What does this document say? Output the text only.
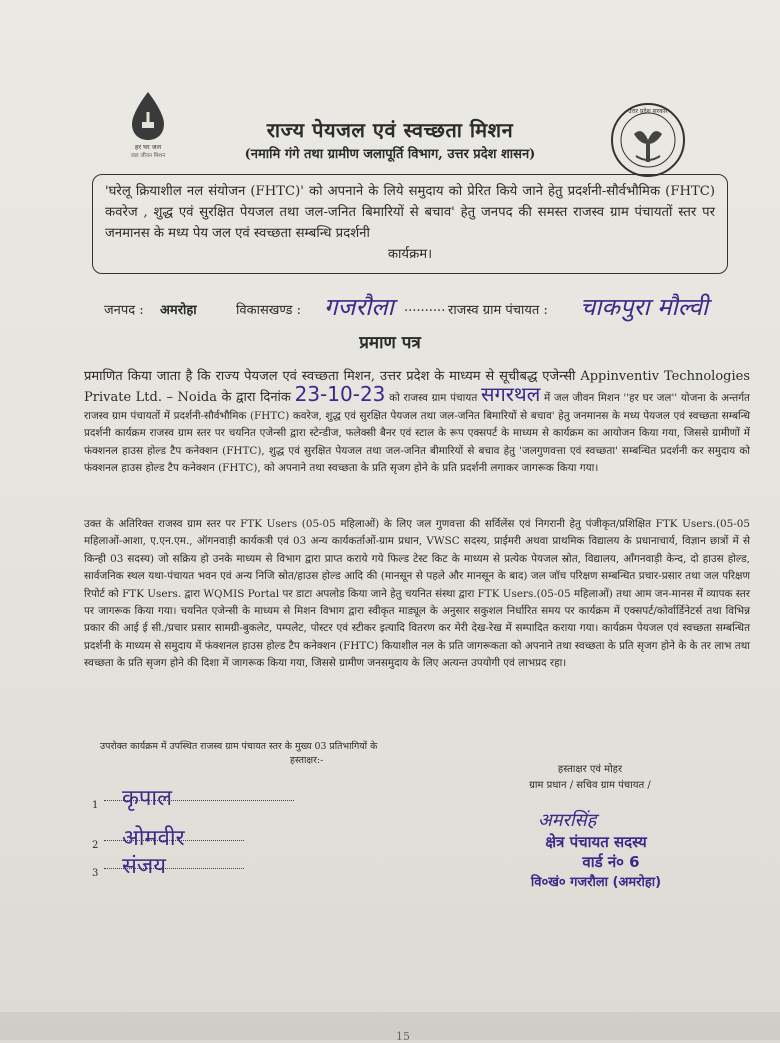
हर घर जल
जल जीवन मिशन
राज्य पेयजल एवं स्वच्छता मिशन
(नमामि गंगे तथा ग्रामीण जलापूर्ति विभाग, उत्तर प्रदेश शासन)
उत्तर प्रदेश सरकार
'घरेलू क्रियाशील नल संयोजन (FHTC)' को अपनाने के लिये समुदाय को प्रेरित किये जाने हेतु प्रदर्शनी-सौर्वभौमिक (FHTC) कवरेज , शुद्ध एवं सुरक्षित पेयजल तथा जल-जनित बिमारियों से बचाव' हेतु जनपद की समस्त राजस्व ग्राम पंचायतों स्तर पर जनमानस के मध्य पेय जल एवं स्वच्छता सम्बन्धि प्रदर्शनी
कार्यक्रम।
जनपद : अमरोहा	विकासखण्ड : गजरौला .......... राजस्व ग्राम पंचायत : चाकपुरा मौल्वी
प्रमाण पत्र
प्रमाणित किया जाता है कि राज्य पेयजल एवं स्वच्छता मिशन, उत्तर प्रदेश के माध्यम से सूचीबद्ध एजेन्सी Appinventiv Technologies Private Ltd. – Noida के द्वारा दिनांक 23-10-23 को राजस्व ग्राम पंचायत सगरथल में जल जीवन मिशन ''हर घर जल'' योजना के अन्तर्गत राजस्व ग्राम पंचायतों में प्रदर्शनी-सौर्वभौमिक (FHTC) कवरेज, शुद्ध एवं सुरक्षित पेयजल तथा जल-जनित बिमारियों से बचाव' हेतु जनमानस के मध्य पेयजल एवं स्वच्छता सम्बन्धि प्रदर्शनी कार्यक्रम राजस्व ग्राम स्तर पर चयनित एजेन्सी द्वारा स्टेन्डीज, फलेक्सी बैनर एवं स्टाल के रूप एक्सपर्ट के माध्यम से कार्यक्रम का आयोजन किया गया, जिससे ग्रामीणों में फंक्शनल हाउस होल्ड टैप कनेक्शन (FHTC), शुद्ध एवं सुरक्षित पेयजल तथा जल-जनित बीमारियों से बचाव हेतु 'जलगुणवत्ता एवं स्वच्छता' सम्बन्धित प्रदर्शनी कर समुदाय को फंक्शनल हाउस होल्ड टैप कनेक्शन (FHTC), को अपनाने तथा स्वच्छता के प्रति सृजग होने के प्रति प्रदर्शनी लगाकर जागरूक किया गया।
उक्त के अतिरिक्त राजस्व ग्राम स्तर पर FTK Users (05-05 महिलाओं) के लिए जल गुणवत्ता की सर्विलेंस एवं निगरानी हेतु पंजीकृत/प्रशिक्षित FTK Users.(05-05 महिलाओं-आशा, ए.एन.एम., ऑगनवाड़ी कार्यकत्री एवं 03 अन्य कार्यकर्ताओं-ग्राम प्रधान, VWSC सदस्य, प्राईमरी अथवा प्राथमिक विद्यालय के प्रधानाचार्य, विज्ञान छात्रों में से किन्ही 03 सदस्य) जो सक्रिय हो उनके माध्यम से विभाग द्वारा प्राप्त कराये गये फिल्ड टेस्ट किट के माध्यम से प्रत्येक पेयजल स्रोत, विद्यालय, आँगनवाड़ी केन्द, दो हाउस होल्ड, सार्वजनिक स्थल यथा-पंचायत भवन एवं अन्य निजि स्रोत/हाउस होल्ड आदि की (मानसून से पहले और मानसून के बाद) जल जॉच परिक्षण सम्बन्धित प्रचार-प्रसार तथा जल परिक्षण रिपोर्ट को FTK Users. द्वारा WQMIS Portal पर डाटा अपलोड किया जाने हेतु चयनित संस्था द्वारा FTK Users.(05-05 महिलाओं) तथा आम जन-मानस में व्यापक स्तर पर जागरूक किया गया। चयनित एजेन्सी के माध्यम से मिशन विभाग द्वारा स्वीकृत माड्यूल के अनुसार सकुशल निर्धारित समय पर कार्यक्रम में एक्सपर्ट/कोर्वार्डिनेटर्स तथा विभिन्न प्रकार की आई ई सी./प्रचार प्रसार सामग्री-बुकलेट, पम्पलेट, पोस्टर एवं स्टीकर इत्यादि वितरण कर मेरी देख-रेख में सम्पादित कराया गया। कार्यक्रम पेयजल एवं स्वच्छता सम्बन्धित प्रदर्शनी के माध्यम से समुदाय में फंक्शनल हाउस होल्ड टैप कनेक्शन (FHTC) कियाशील नल के प्रति जागरूकता को अपनाने तथा स्वच्छता के प्रति सृजग होने के के तर लाभ तथा स्वच्छता के प्रति सृजग होने की दिशा में जागरूक किया गया, जिससे ग्रामीण जनसमुदाय के लिए अत्यन्त उपयोगी एवं लाभप्रद रहा।
उपरोक्त कार्यक्रम में उपस्थित राजस्व ग्राम पंचायत स्तर के मुख्य 03 प्रतिभागियों के
हस्ताक्षर:-
1 कृपाल
2 ओमवीर
3 संजय
हस्ताक्षर एवं मोहर
ग्राम प्रधान / सचिव ग्राम पंचायत /
अमरसिंह
क्षेत्र पंचायत सदस्य
वार्ड नं० 6
वि०खं० गजरौला (अमरोहा)
15
